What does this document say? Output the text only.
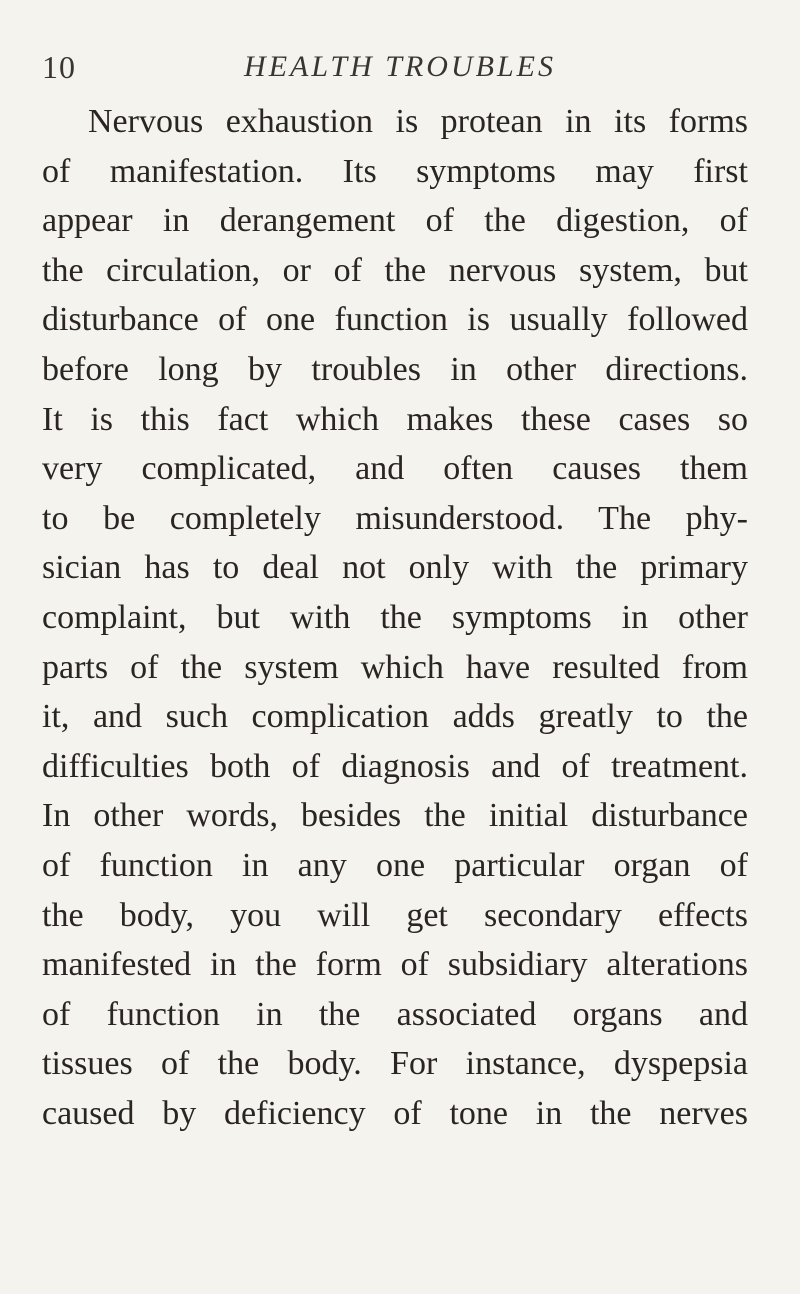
10	HEALTH TROUBLES
Nervous exhaustion is protean in its forms
of manifestation. Its symptoms may first
appear in derangement of the digestion, of
the circulation, or of the nervous system, but
disturbance of one function is usually followed
before long by troubles in other directions.
It is this fact which makes these cases so
very complicated, and often causes them
to be completely misunderstood. The phy-
sician has to deal not only with the primary
complaint, but with the symptoms in other
parts of the system which have resulted from
it, and such complication adds greatly to the
difficulties both of diagnosis and of treatment.
In other words, besides the initial disturbance
of function in any one particular organ of
the body, you will get secondary effects
manifested in the form of subsidiary alterations
of function in the associated organs and
tissues of the body. For instance, dyspepsia
caused by deficiency of tone in the nerves
